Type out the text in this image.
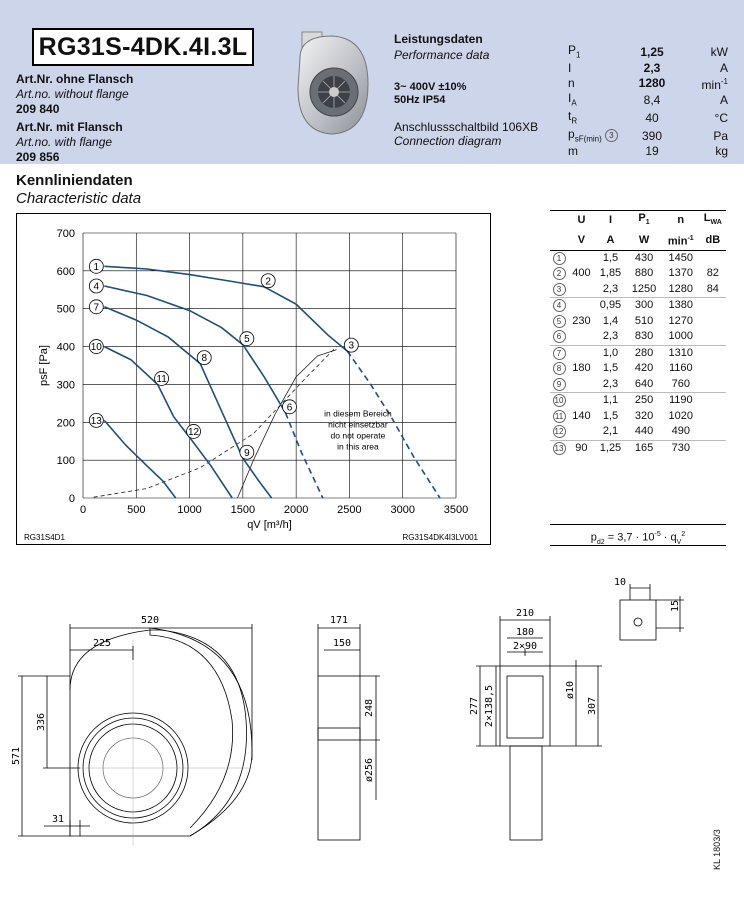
RG31S-4DK.4I.3L
Art.Nr. ohne Flansch
Art.no. without flange
209 840
Art.Nr. mit Flansch
Art.no. with flange
209 856
Leistungsdaten
Performance data
3~ 400V ±10%
50Hz IP54
Anschlussschaltbild 106XB
Connection diagram
$P_1$	1,25	kW
I	2,3	A
n	1280	$\min^{-1}$
$I_A$	8,4	A
$t_R$	40	°C
$p_{sF(min)}$ 3	390	Pa
m	19	kg
Kennliniendaten
Characteristic data
0	500	1000	1500	2000	2500	3000	3500
0
100
200
300
400
500
600
700
qV [m³/h]
psF [Pa]
1
2
3
4
5
6
7
8
9
10
11
12
13
in diesem Bereich
nicht einsetzbar
do not operate
in this area
RG31S4D1	RG31S4DK4I3LV001
	U	I	$P_1$	n	$L_{WA}$
	V	A	W	$\min^{-1}$	dB
1		1,5	430	1450	
2	400	1,85	880	1370	82
3		2,3	1250	1280	84
4		0,95	300	1380	
5	230	1,4	510	1270	
6		2,3	830	1000	
7		1,0	280	1310	
8	180	1,5	420	1160	
9		2,3	640	760	
10		1,1	250	1190	
11	140	1,5	320	1020	
12		2,1	440	490	
13	90	1,25	165	730	
$p_{d2} = 3,7 \cdot 10^{-5} \cdot q_V^2$
520
225
336
571
31
171
150
248
ø256
210
180
2×90
277 2×138,5	ø10
307
10
15
KL 1803/3
